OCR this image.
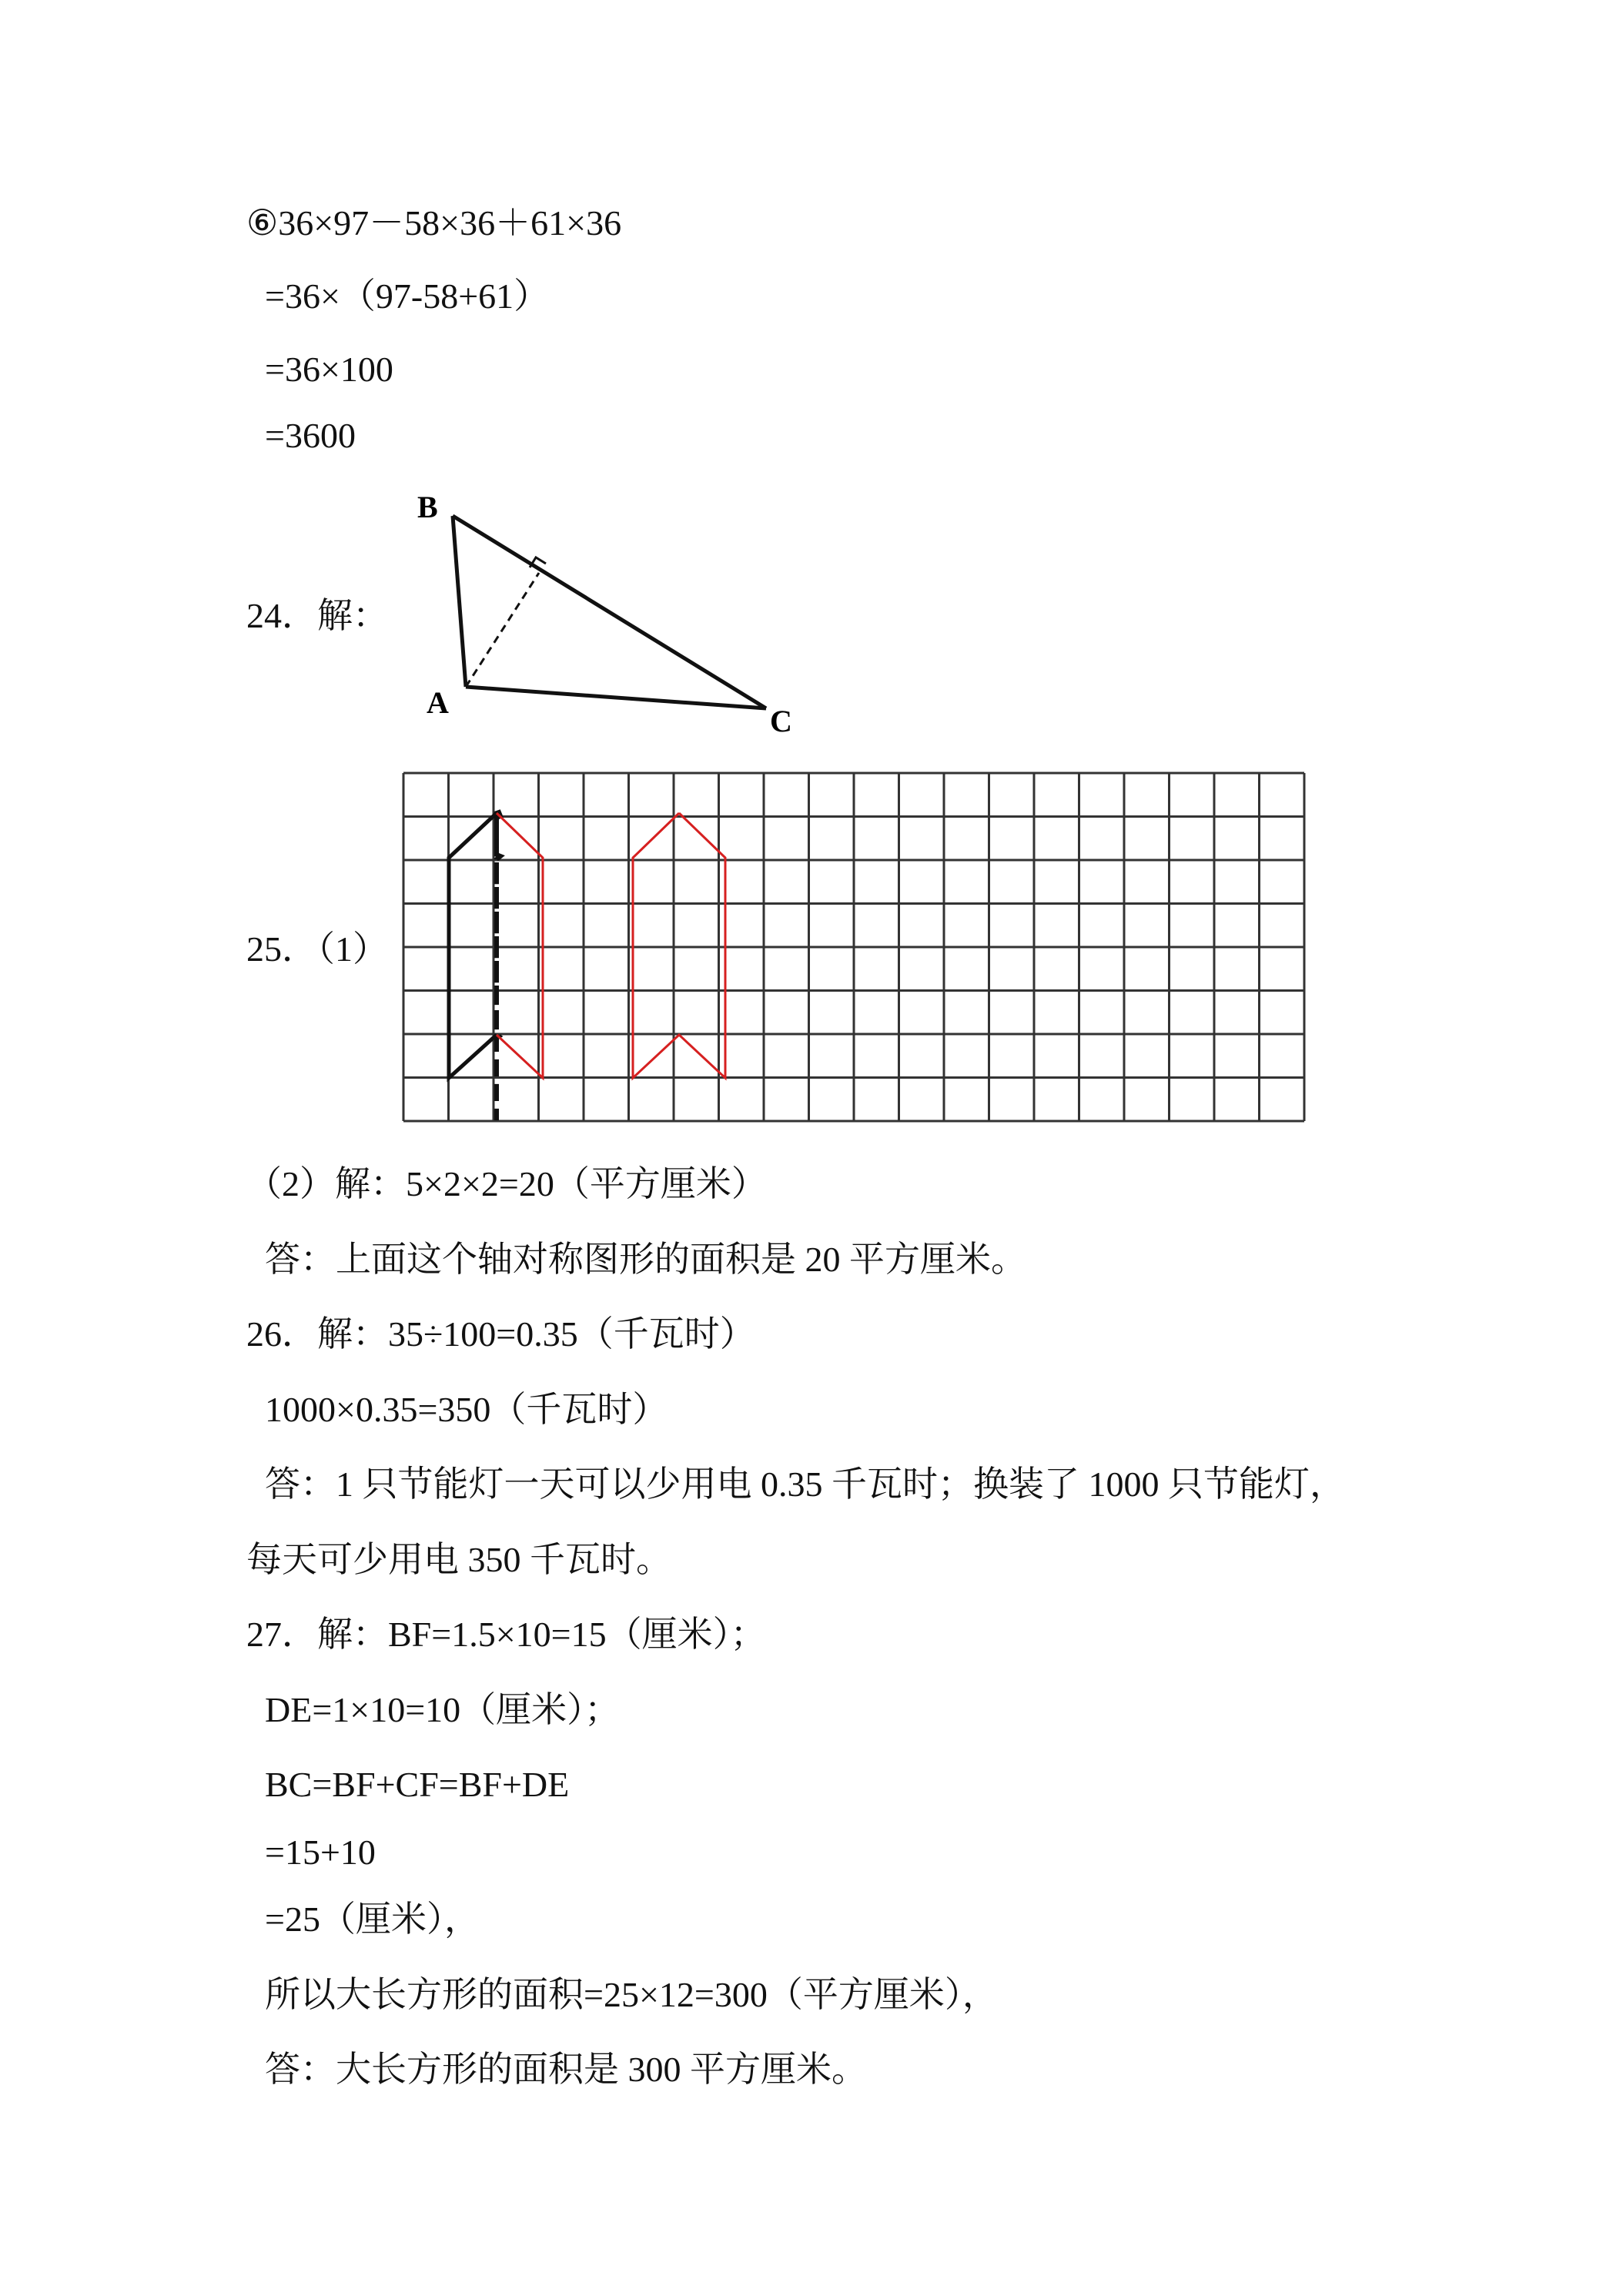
⑥36×97－58×36＋61×36
=36×（97-58+61）
=36×100
=3600
24．解：
B
A
C
25．（1）
（2）解：5×2×2=20（平方厘米）
答：上面这个轴对称图形的面积是 20 平方厘米。
26．解：35÷100=0.35（千瓦时）
1000×0.35=350（千瓦时）
答：1 只节能灯一天可以少用电 0.35 千瓦时；换装了 1000 只节能灯，
每天可少用电 350 千瓦时。
27．解：BF=1.5×10=15（厘米）；
DE=1×10=10（厘米）；
BC=BF+CF=BF+DE
=15+10
=25（厘米），
所以大长方形的面积=25×12=300（平方厘米），
答：大长方形的面积是 300 平方厘米。
